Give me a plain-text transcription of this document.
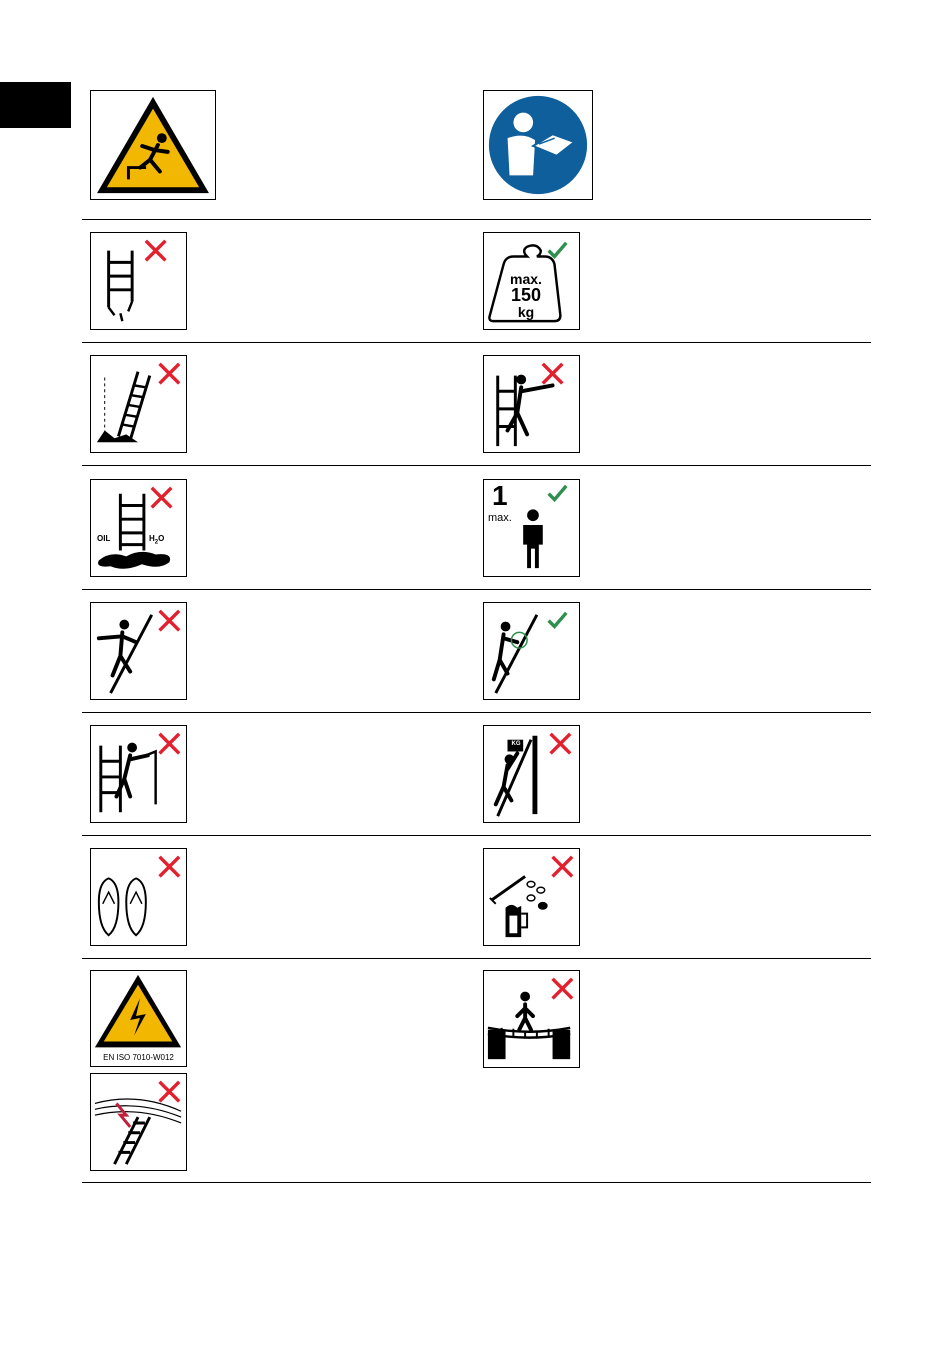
max.
150
kg
OIL	$H_2O$
1
max.
KG
EN ISO 7010-W012
